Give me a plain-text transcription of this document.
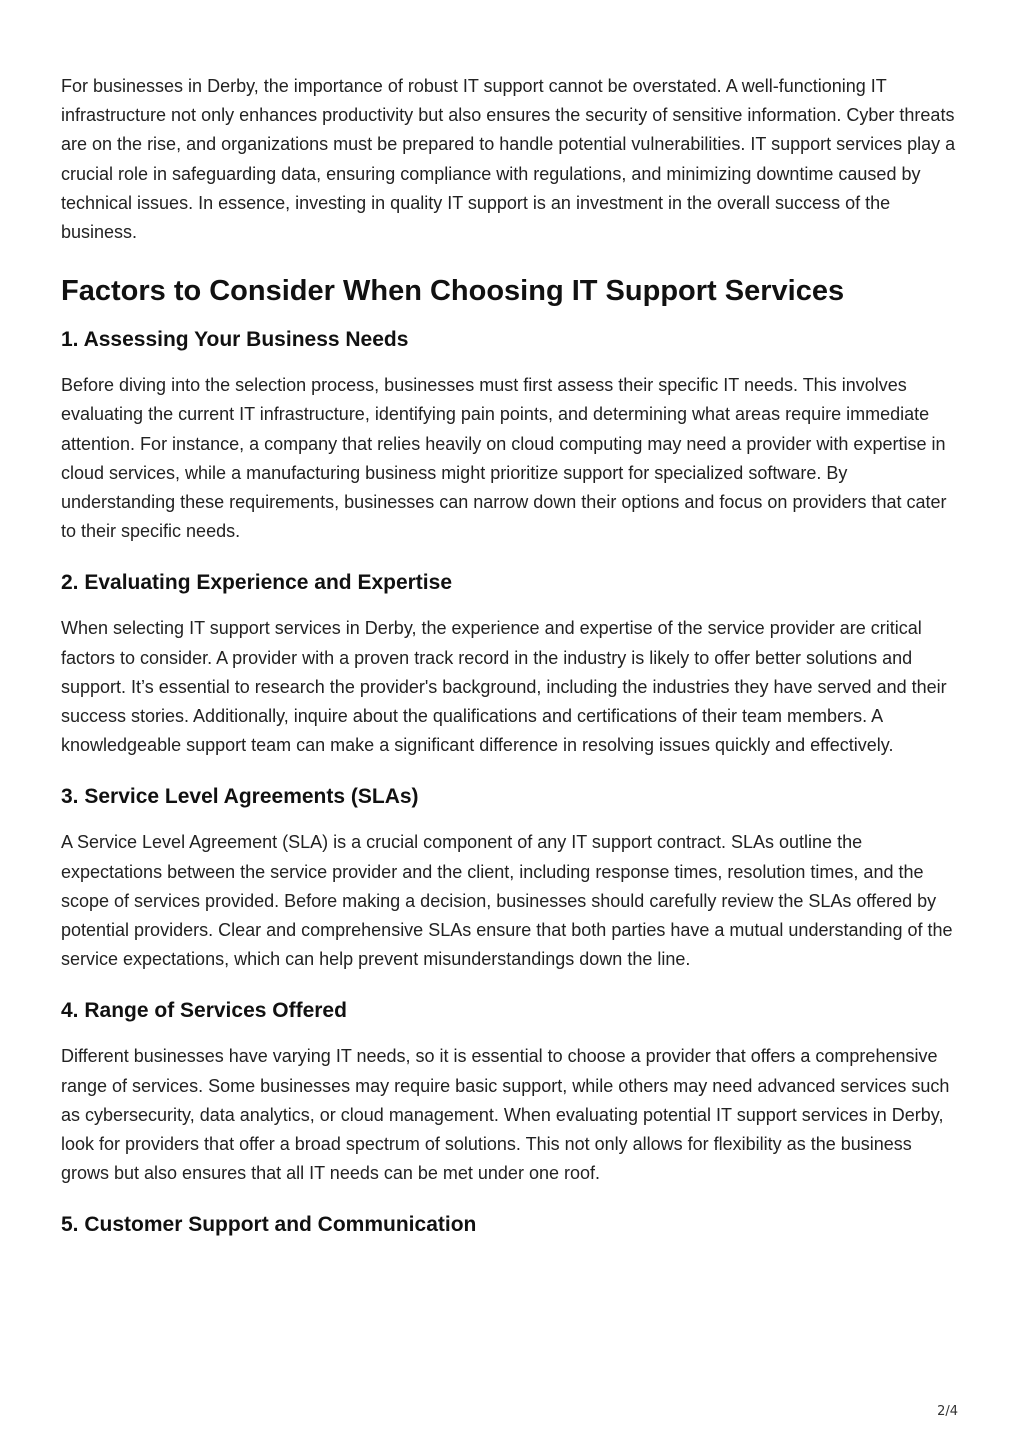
For businesses in Derby, the importance of robust IT support cannot be overstated. A well-functioning IT infrastructure not only enhances productivity but also ensures the security of sensitive information. Cyber threats are on the rise, and organizations must be prepared to handle potential vulnerabilities. IT support services play a crucial role in safeguarding data, ensuring compliance with regulations, and minimizing downtime caused by technical issues. In essence, investing in quality IT support is an investment in the overall success of the business.

Factors to Consider When Choosing IT Support Services
1. Assessing Your Business Needs

Before diving into the selection process, businesses must first assess their specific IT needs. This involves evaluating the current IT infrastructure, identifying pain points, and determining what areas require immediate attention. For instance, a company that relies heavily on cloud computing may need a provider with expertise in cloud services, while a manufacturing business might prioritize support for specialized software. By understanding these requirements, businesses can narrow down their options and focus on providers that cater to their specific needs.

2. Evaluating Experience and Expertise

When selecting IT support services in Derby, the experience and expertise of the service provider are critical factors to consider. A provider with a proven track record in the industry is likely to offer better solutions and support. It’s essential to research the provider's background, including the industries they have served and their success stories. Additionally, inquire about the qualifications and certifications of their team members. A knowledgeable support team can make a significant difference in resolving issues quickly and effectively.

3. Service Level Agreements (SLAs)

A Service Level Agreement (SLA) is a crucial component of any IT support contract. SLAs outline the expectations between the service provider and the client, including response times, resolution times, and the scope of services provided. Before making a decision, businesses should carefully review the SLAs offered by potential providers. Clear and comprehensive SLAs ensure that both parties have a mutual understanding of the service expectations, which can help prevent misunderstandings down the line.

4. Range of Services Offered

Different businesses have varying IT needs, so it is essential to choose a provider that offers a comprehensive range of services. Some businesses may require basic support, while others may need advanced services such as cybersecurity, data analytics, or cloud management. When evaluating potential IT support services in Derby, look for providers that offer a broad spectrum of solutions. This not only allows for flexibility as the business grows but also ensures that all IT needs can be met under one roof.

5. Customer Support and Communication
2/4
